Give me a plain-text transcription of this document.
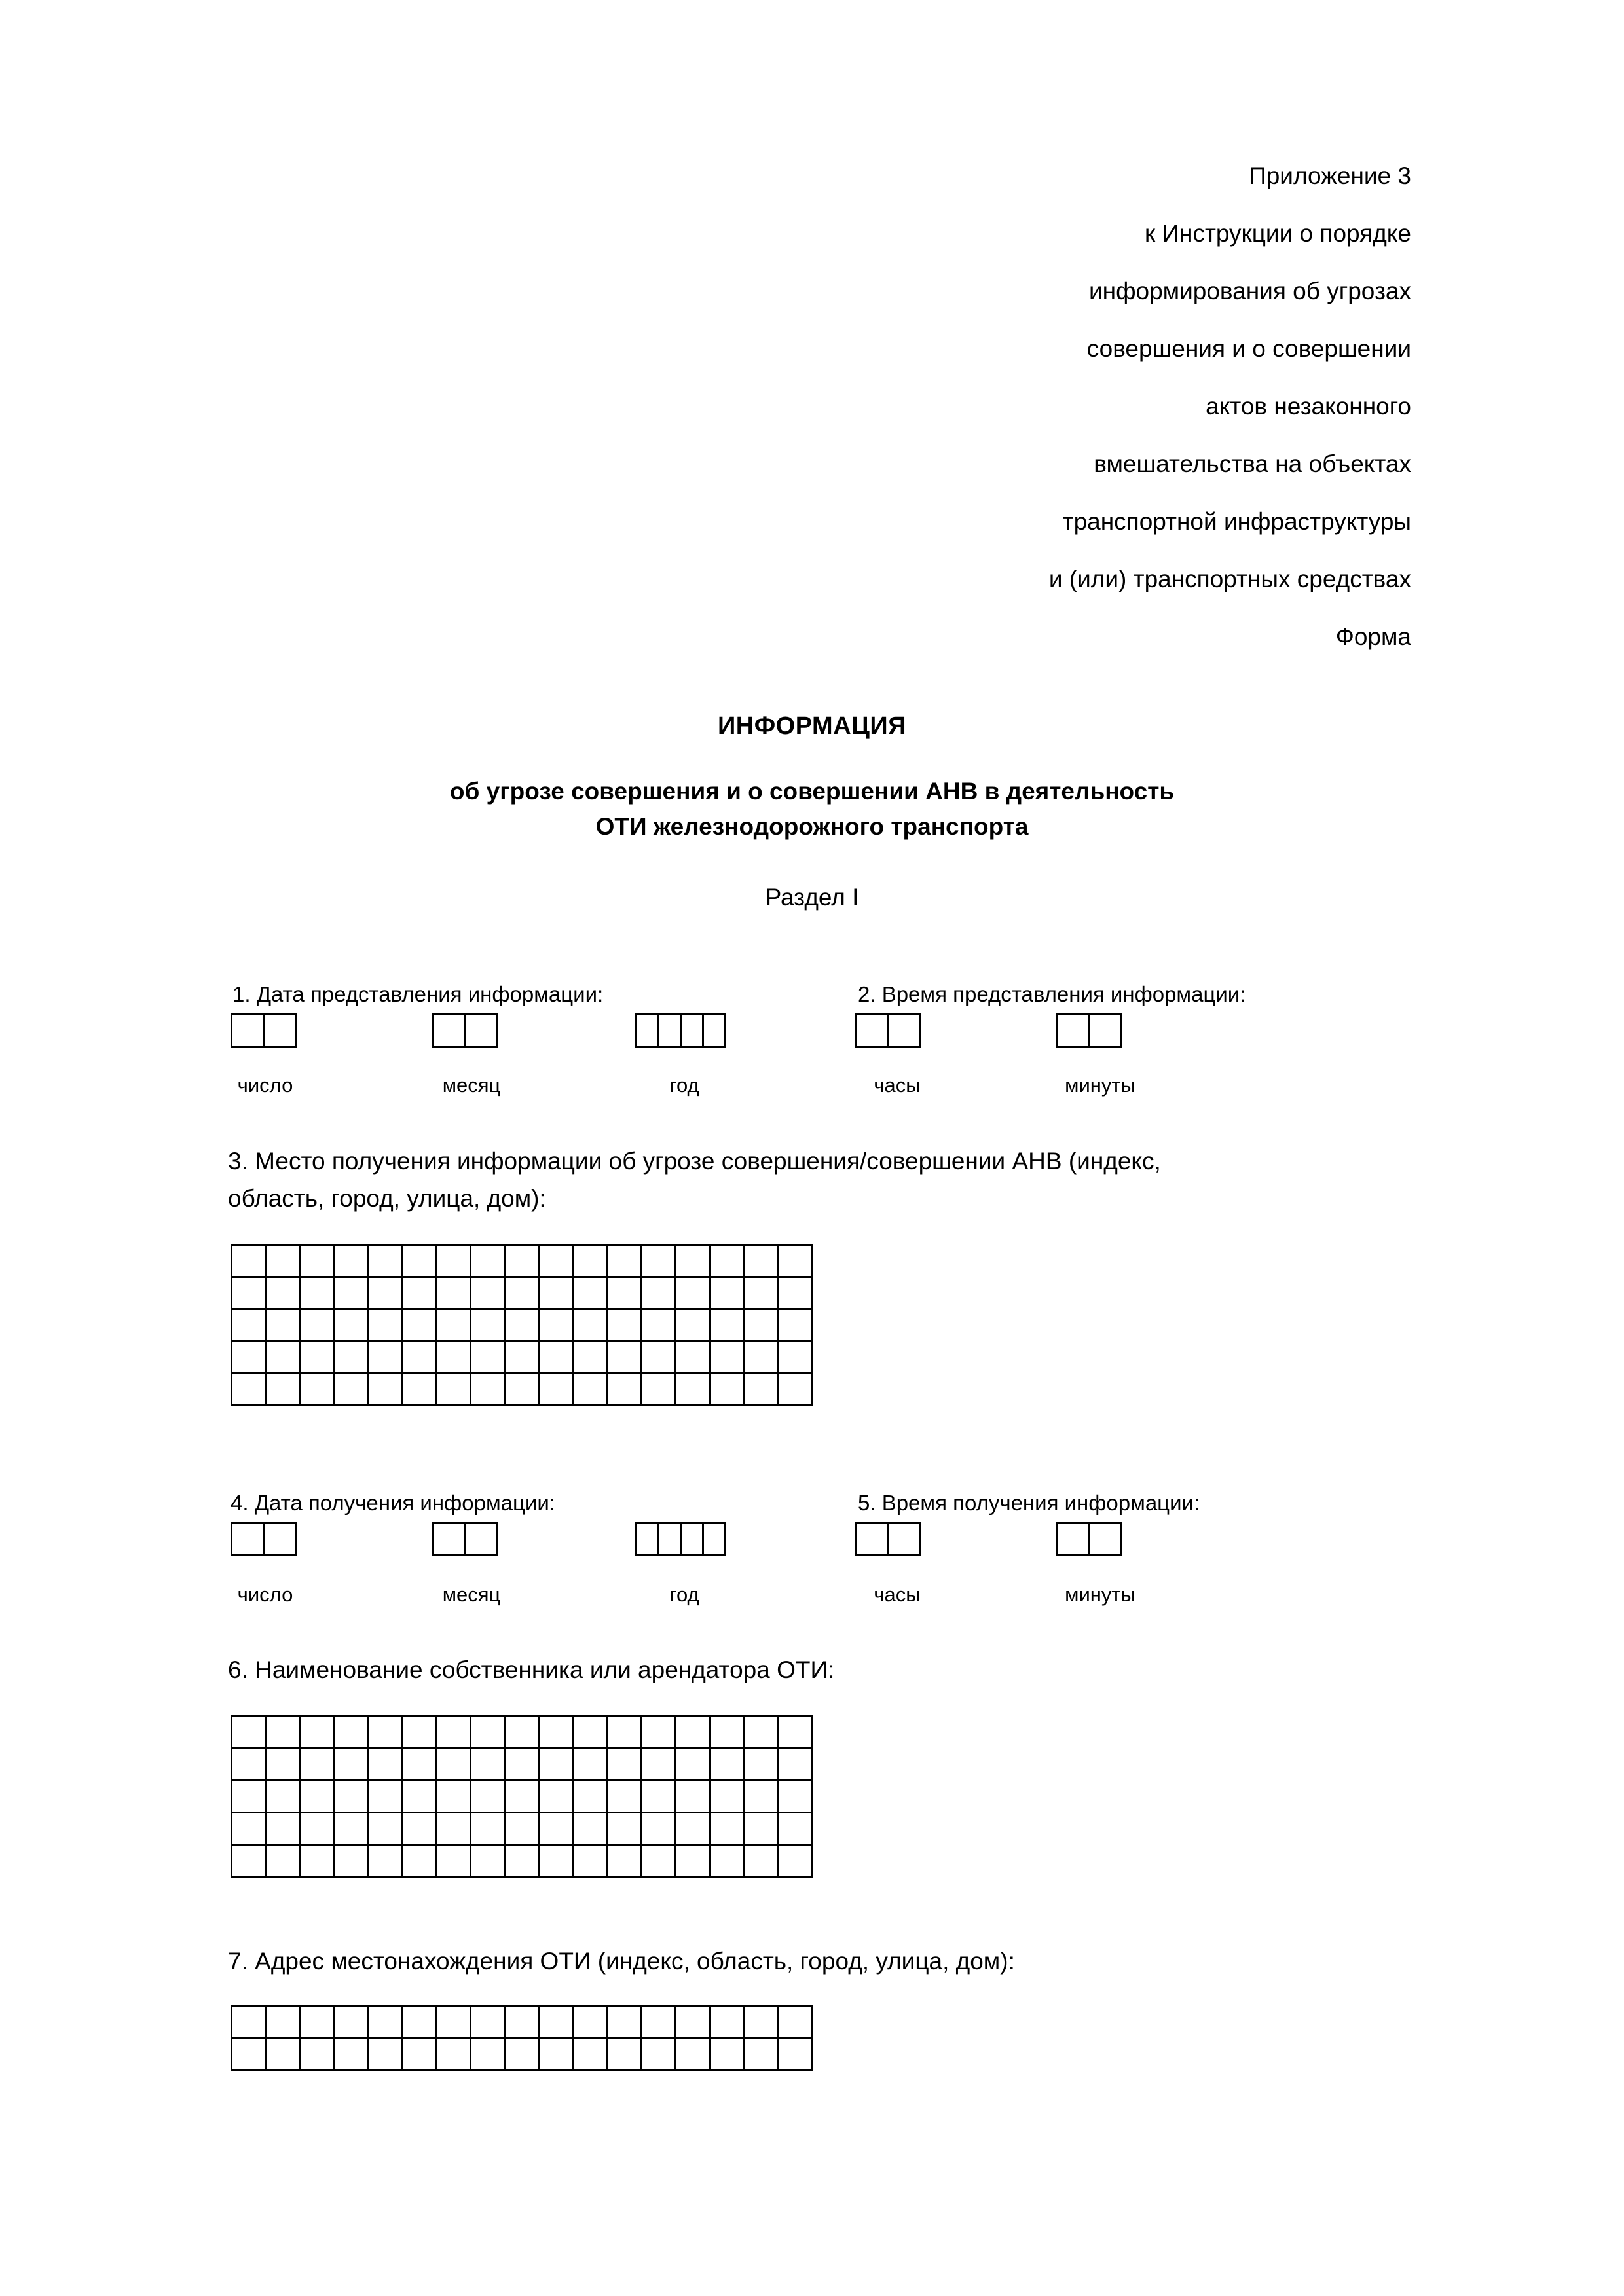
Приложение 3
к Инструкции о порядке
информирования об угрозах
совершения и о совершении
актов незаконного
вмешательства на объектах
транспортной инфраструктуры
и (или) транспортных средствах
Форма
ИНФОРМАЦИЯ
об угрозе совершения и о совершении АНВ в деятельность
ОТИ железнодорожного транспорта
Раздел I
1. Дата представления информации:	2. Время представления информации:
число	месяц	год	часы	минуты
3. Место получения информации об угрозе совершения/совершении АНВ (индекс,
область, город, улица, дом):

4. Дата получения информации:	5. Время получения информации:
число	месяц	год	часы	минуты
6. Наименование собственника или арендатора ОТИ:

7. Адрес местонахождения ОТИ (индекс, область, город, улица, дом):
